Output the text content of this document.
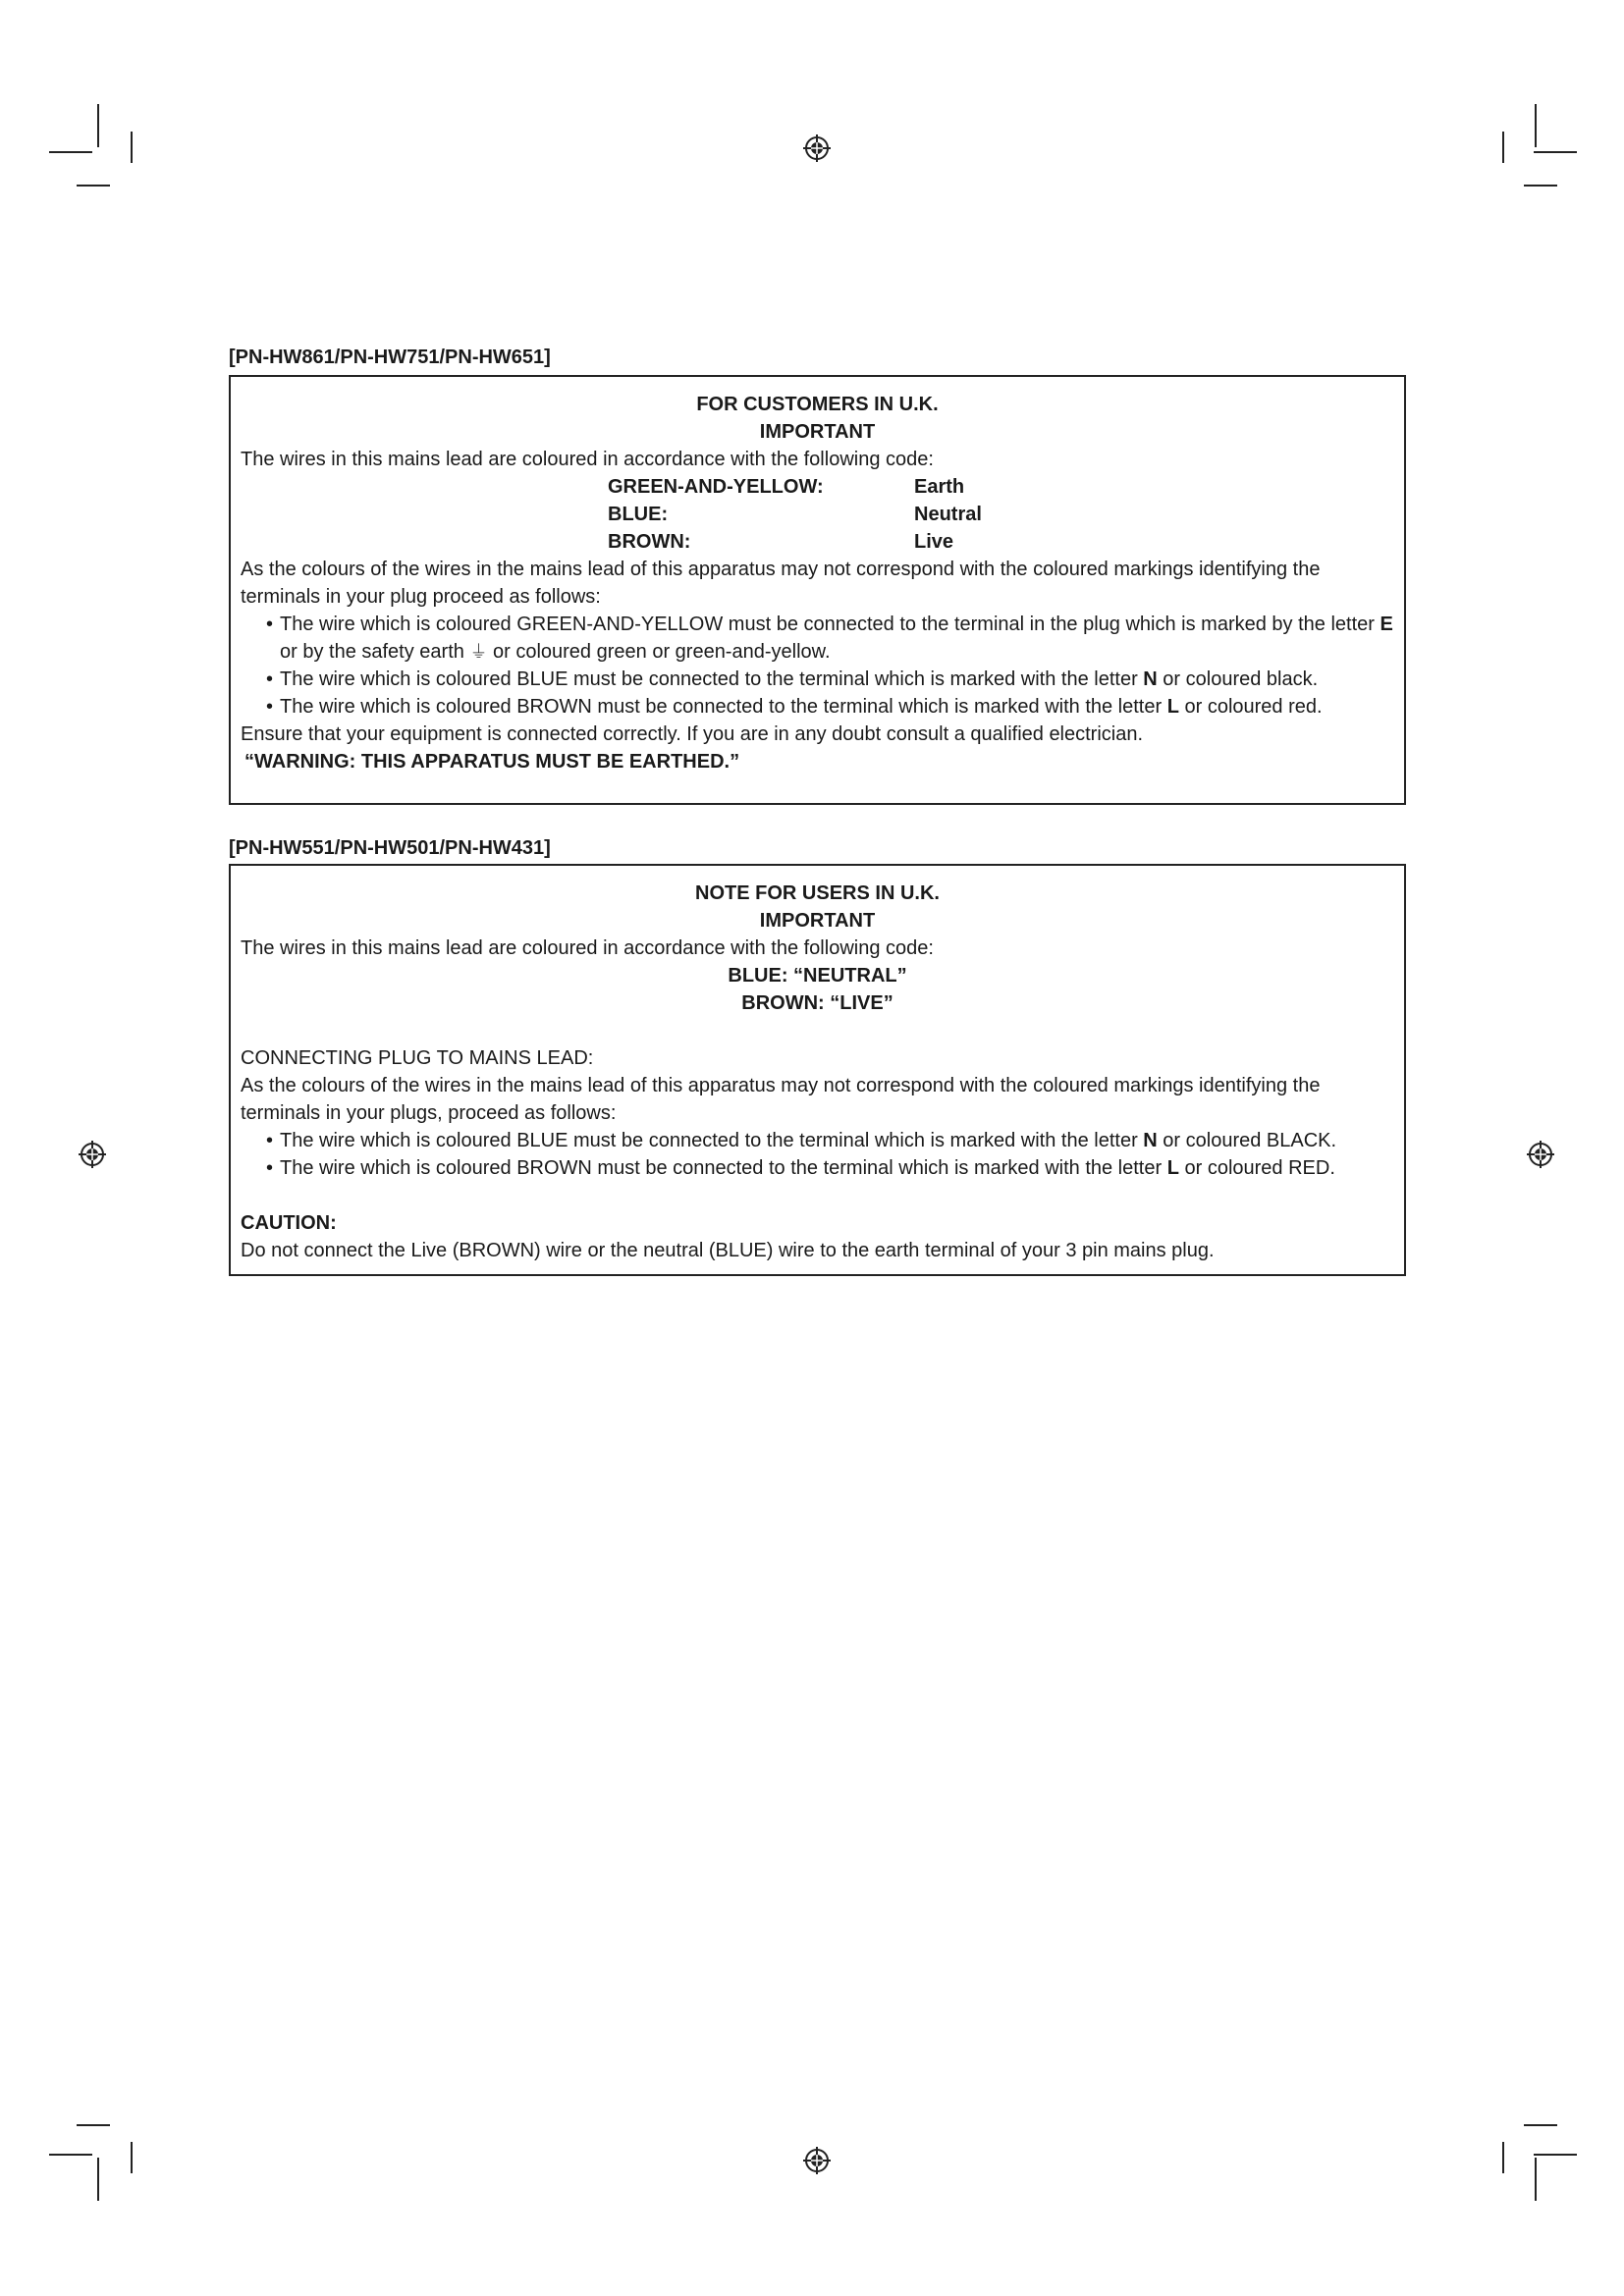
[PN-HW861/PN-HW751/PN-HW651]
FOR CUSTOMERS IN U.K.
IMPORTANT
The wires in this mains lead are coloured in accordance with the following code:
GREEN-AND-YELLOW:	Earth
BLUE:	Neutral
BROWN:	Live
As the colours of the wires in the mains lead of this apparatus may not correspond with the coloured markings identifying the terminals in your plug proceed as follows:
• The wire which is coloured GREEN-AND-YELLOW must be connected to the terminal in the plug which is marked by the letter E or by the safety earth ⏚ or coloured green or green-and-yellow.
• The wire which is coloured BLUE must be connected to the terminal which is marked with the letter N or coloured black.
• The wire which is coloured BROWN must be connected to the terminal which is marked with the letter L or coloured red.
Ensure that your equipment is connected correctly. If you are in any doubt consult a qualified electrician.
“WARNING: THIS APPARATUS MUST BE EARTHED.”
[PN-HW551/PN-HW501/PN-HW431]
NOTE FOR USERS IN U.K.
IMPORTANT
The wires in this mains lead are coloured in accordance with the following code:
BLUE: “NEUTRAL”
BROWN: “LIVE”
CONNECTING PLUG TO MAINS LEAD:
As the colours of the wires in the mains lead of this apparatus may not correspond with the coloured markings identifying the terminals in your plugs, proceed as follows:
• The wire which is coloured BLUE must be connected to the terminal which is marked with the letter N or coloured BLACK.
• The wire which is coloured BROWN must be connected to the terminal which is marked with the letter L or coloured RED.
CAUTION:
Do not connect the Live (BROWN) wire or the neutral (BLUE) wire to the earth terminal of your 3 pin mains plug.
